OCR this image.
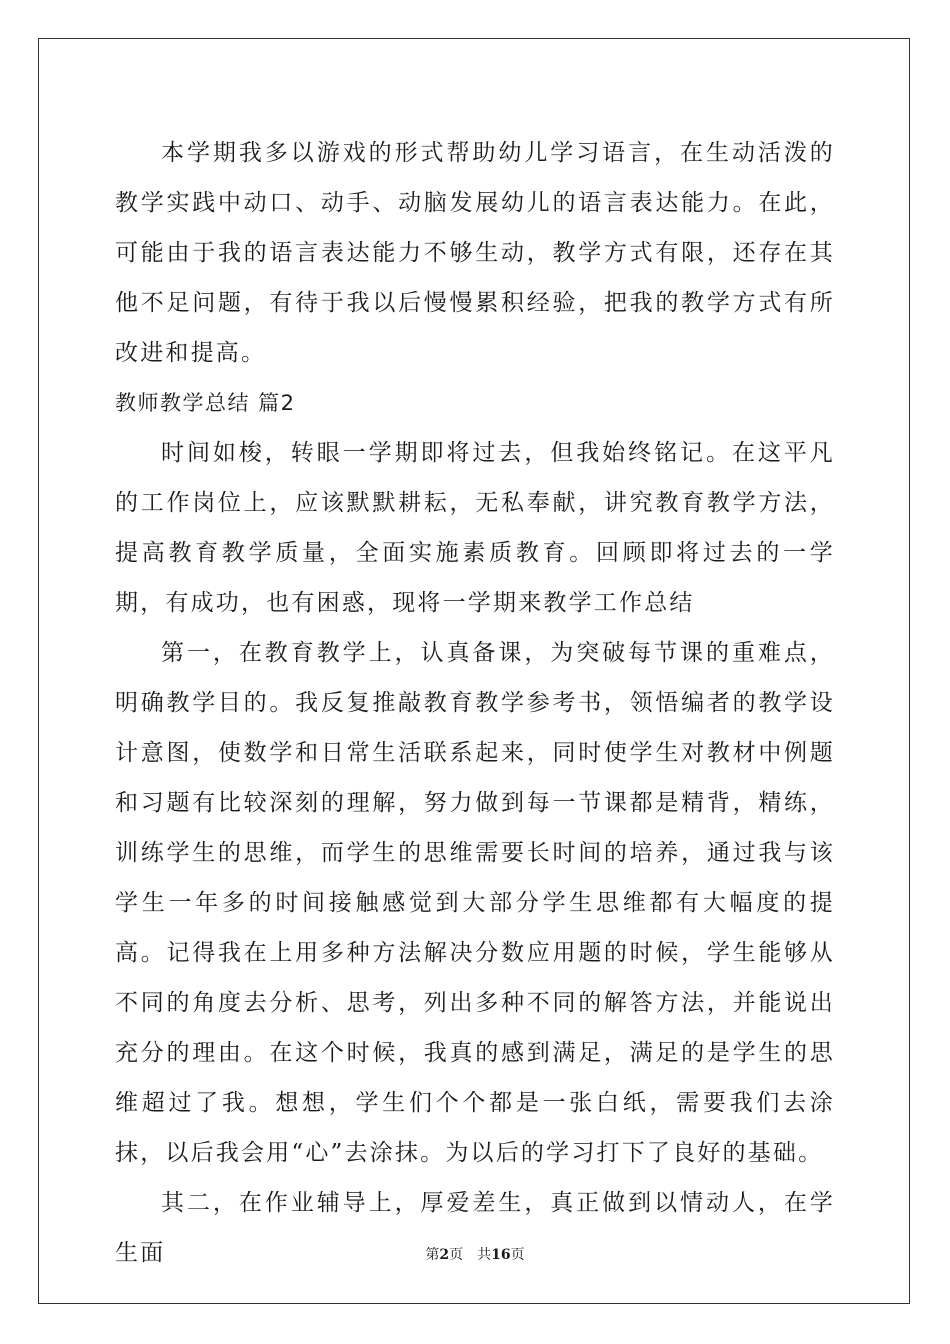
本学期我多以游戏的形式帮助幼儿学习语言，在生动活泼的教学实践中动口、动手、动脑发展幼儿的语言表达能力。在此，可能由于我的语言表达能力不够生动，教学方式有限，还存在其他不足问题，有待于我以后慢慢累积经验，把我的教学方式有所改进和提高。

教师教学总结 篇2

时间如梭，转眼一学期即将过去，但我始终铭记。在这平凡的工作岗位上，应该默默耕耘，无私奉献，讲究教育教学方法，提高教育教学质量，全面实施素质教育。回顾即将过去的一学期，有成功，也有困惑，现将一学期来教学工作总结

第一，在教育教学上，认真备课，为突破每节课的重难点，明确教学目的。我反复推敲教育教学参考书，领悟编者的教学设计意图，使数学和日常生活联系起来，同时使学生对教材中例题和习题有比较深刻的理解，努力做到每一节课都是精背，精练，训练学生的思维，而学生的思维需要长时间的培养，通过我与该学生一年多的时间接触感觉到大部分学生思维都有大幅度的提高。记得我在上用多种方法解决分数应用题的时候，学生能够从不同的角度去分析、思考，列出多种不同的解答方法，并能说出充分的理由。在这个时候，我真的感到满足，满足的是学生的思维超过了我。想想，学生们个个都是一张白纸，需要我们去涂抹，以后我会用“心”去涂抹。为以后的学习打下了良好的基础。

其二，在作业辅导上，厚爱差生，真正做到以情动人，在学生面	第2页 共16页
